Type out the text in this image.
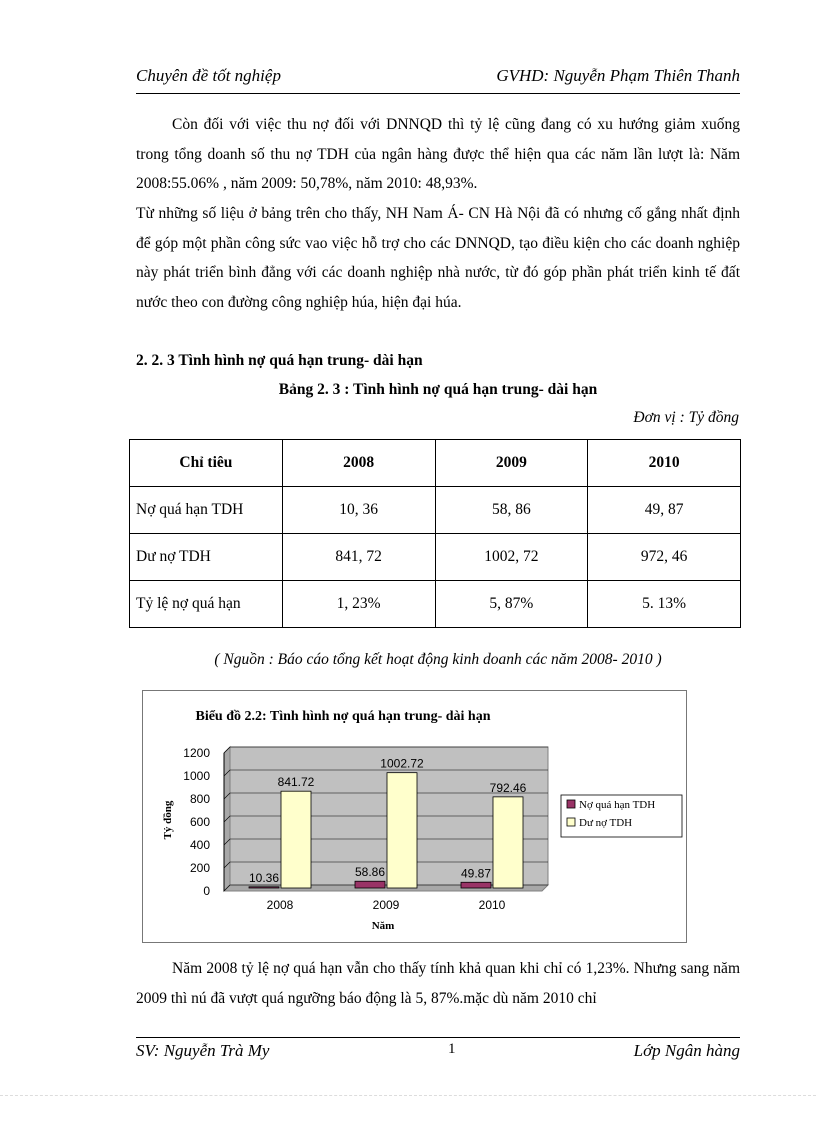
Chuyên đề tốt nghiệp	GVHD: Nguyễn Phạm Thiên Thanh
Còn đối với việc thu nợ đối với DNNQD thì tỷ lệ cũng đang có xu hướng giảm xuống trong tổng doanh số thu nợ TDH của ngân hàng được thể hiện qua các năm lần lượt là: Năm 2008:55.06% , năm 2009: 50,78%, năm 2010: 48,93%.
Từ những số liệu ở bảng trên cho thấy, NH Nam Á- CN Hà Nội đã có nhưng cố gắng nhất định để góp một phần công sức vao việc hỗ trợ cho các DNNQD, tạo điều kiện cho các doanh nghiệp này phát triển bình đẳng với các doanh nghiệp nhà nước, từ đó góp phần phát triển kinh tế đất nước theo con đường công nghiệp húa, hiện đại húa.
2. 2. 3 Tình hình nợ quá hạn trung- dài hạn
Bảng 2. 3 : Tình hình nợ quá hạn trung- dài hạn
Đơn vị : Tỷ đồng
Chỉ tiêu	2008	2009	2010
Nợ quá hạn TDH	10, 36	58, 86	49, 87
Dư nợ TDH	841, 72	1002, 72	972, 46
Tỷ lệ nợ quá hạn	1, 23%	5, 87%	5. 13%
( Nguồn : Báo cáo tổng kết hoạt động kinh doanh các năm 2008- 2010 )
Biểu đồ 2.2: Tình hình nợ quá hạn trung- dài hạn
0
200
400
600
800
1000
1200
Tỷ đồng
10.36
841.72
2008
58.86
1002.72
2009
49.87
792.46
2010
Năm
Nợ quá hạn TDH
Dư nợ TDH
Năm 2008 tỷ lệ nợ quá hạn vẫn cho thấy tính khả quan khi chỉ có 1,23%. Nhưng sang năm 2009 thì nú đã vượt quá ngưỡng báo động là 5, 87%.mặc dù năm 2010 chỉ
SV: Nguyễn Trà My	1	Lớp Ngân hàng
